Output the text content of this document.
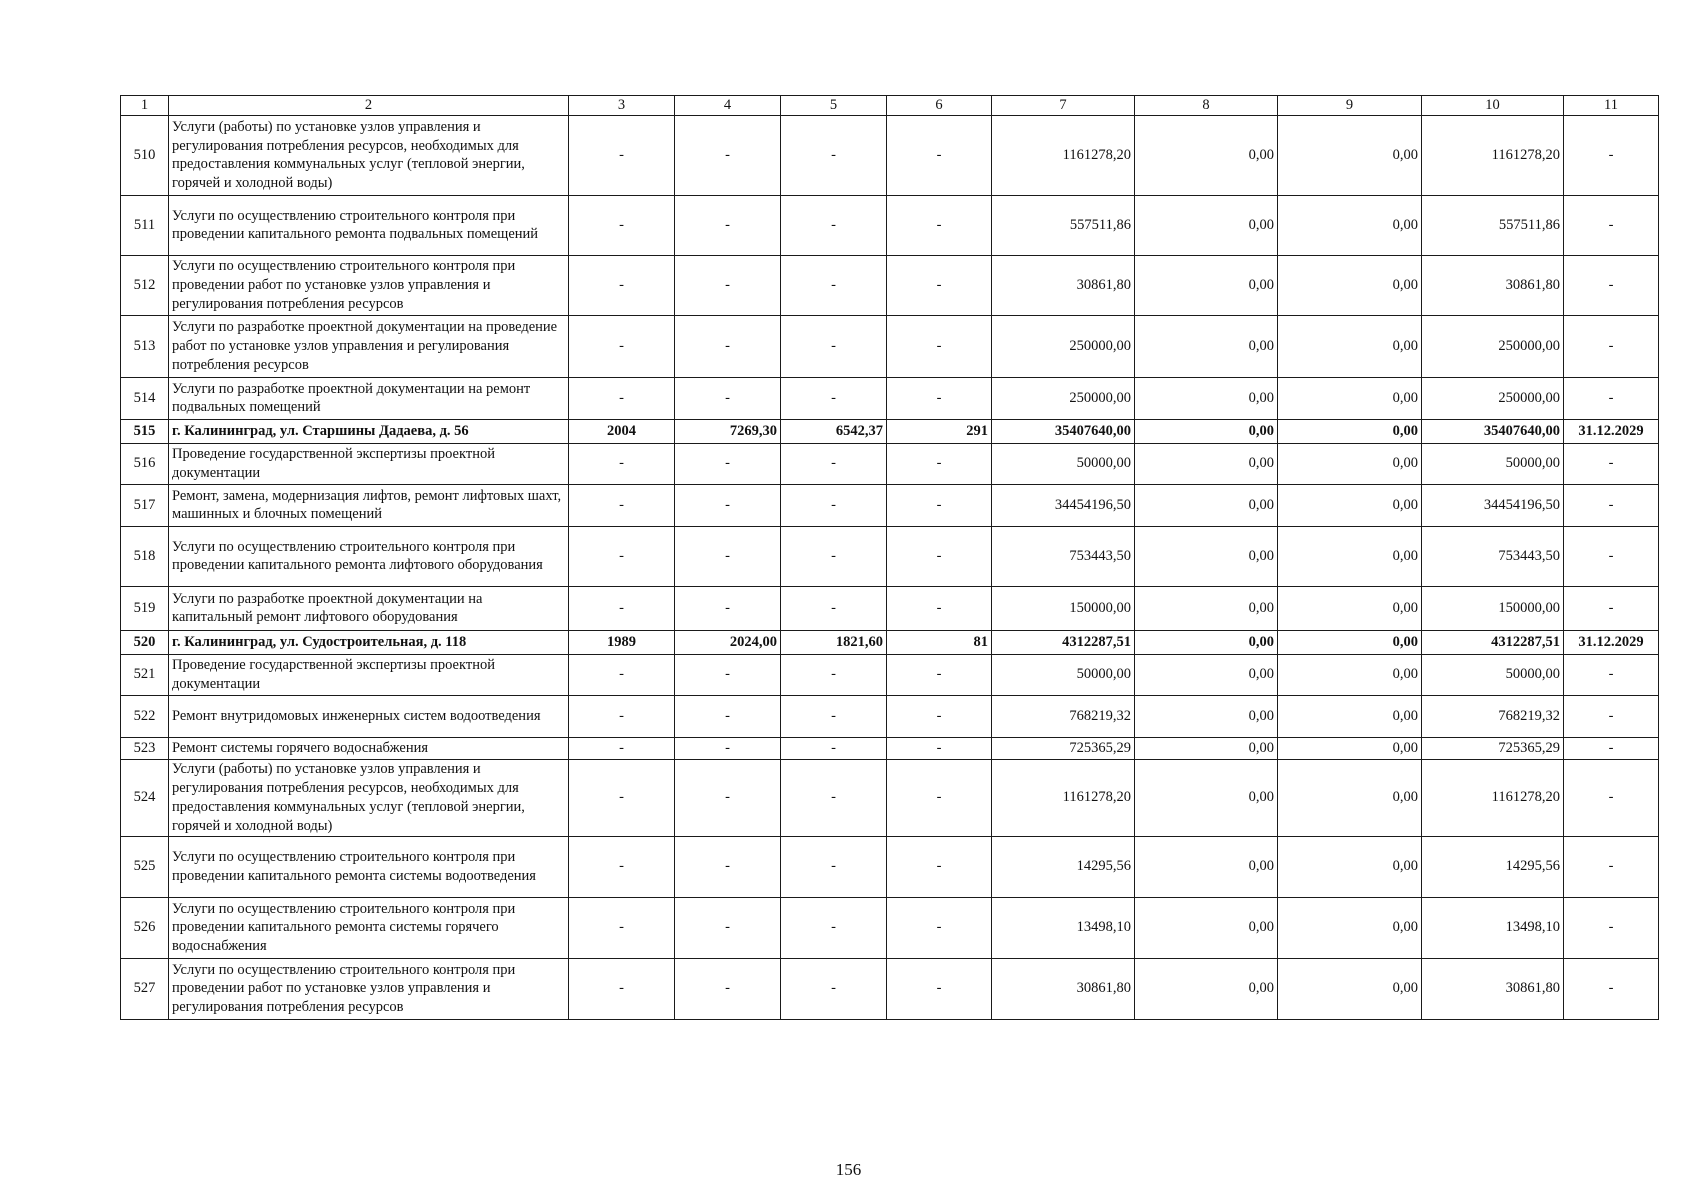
1	2	3	4	5	6	7	8	9	10	11
510	Услуги (работы) по установке узлов управления и регулирования потребления ресурсов, необходимых для предоставления коммунальных услуг (тепловой энергии, горячей и холодной воды)	-	-	-	-	1161278,20	0,00	0,00	1161278,20	-
511	Услуги по осуществлению строительного контроля при проведении капитального ремонта подвальных помещений	-	-	-	-	557511,86	0,00	0,00	557511,86	-
512	Услуги по осуществлению строительного контроля при проведении работ по установке узлов управления и регулирования потребления ресурсов	-	-	-	-	30861,80	0,00	0,00	30861,80	-
513	Услуги по разработке проектной документации на проведение работ по установке узлов управления и регулирования потребления ресурсов	-	-	-	-	250000,00	0,00	0,00	250000,00	-
514	Услуги по разработке проектной документации на ремонт подвальных помещений	-	-	-	-	250000,00	0,00	0,00	250000,00	-
515	г. Калининград, ул. Старшины Дадаева, д. 56	2004	7269,30	6542,37	291	35407640,00	0,00	0,00	35407640,00	31.12.2029
516	Проведение государственной экспертизы проектной документации	-	-	-	-	50000,00	0,00	0,00	50000,00	-
517	Ремонт, замена, модернизация лифтов, ремонт лифтовых шахт, машинных и блочных помещений	-	-	-	-	34454196,50	0,00	0,00	34454196,50	-
518	Услуги по осуществлению строительного контроля при проведении капитального ремонта лифтового оборудования	-	-	-	-	753443,50	0,00	0,00	753443,50	-
519	Услуги по разработке проектной документации на капитальный ремонт лифтового оборудования	-	-	-	-	150000,00	0,00	0,00	150000,00	-
520	г. Калининград, ул. Судостроительная, д. 118	1989	2024,00	1821,60	81	4312287,51	0,00	0,00	4312287,51	31.12.2029
521	Проведение государственной экспертизы проектной документации	-	-	-	-	50000,00	0,00	0,00	50000,00	-
522	Ремонт внутридомовых инженерных систем водоотведения	-	-	-	-	768219,32	0,00	0,00	768219,32	-
523	Ремонт системы горячего водоснабжения	-	-	-	-	725365,29	0,00	0,00	725365,29	-
524	Услуги (работы) по установке узлов управления и регулирования потребления ресурсов, необходимых для предоставления коммунальных услуг (тепловой энергии, горячей и холодной воды)	-	-	-	-	1161278,20	0,00	0,00	1161278,20	-
525	Услуги по осуществлению строительного контроля при проведении капитального ремонта системы водоотведения	-	-	-	-	14295,56	0,00	0,00	14295,56	-
526	Услуги по осуществлению строительного контроля при проведении капитального ремонта системы горячего водоснабжения	-	-	-	-	13498,10	0,00	0,00	13498,10	-
527	Услуги по осуществлению строительного контроля при проведении работ по установке узлов управления и регулирования потребления ресурсов	-	-	-	-	30861,80	0,00	0,00	30861,80	-
156
